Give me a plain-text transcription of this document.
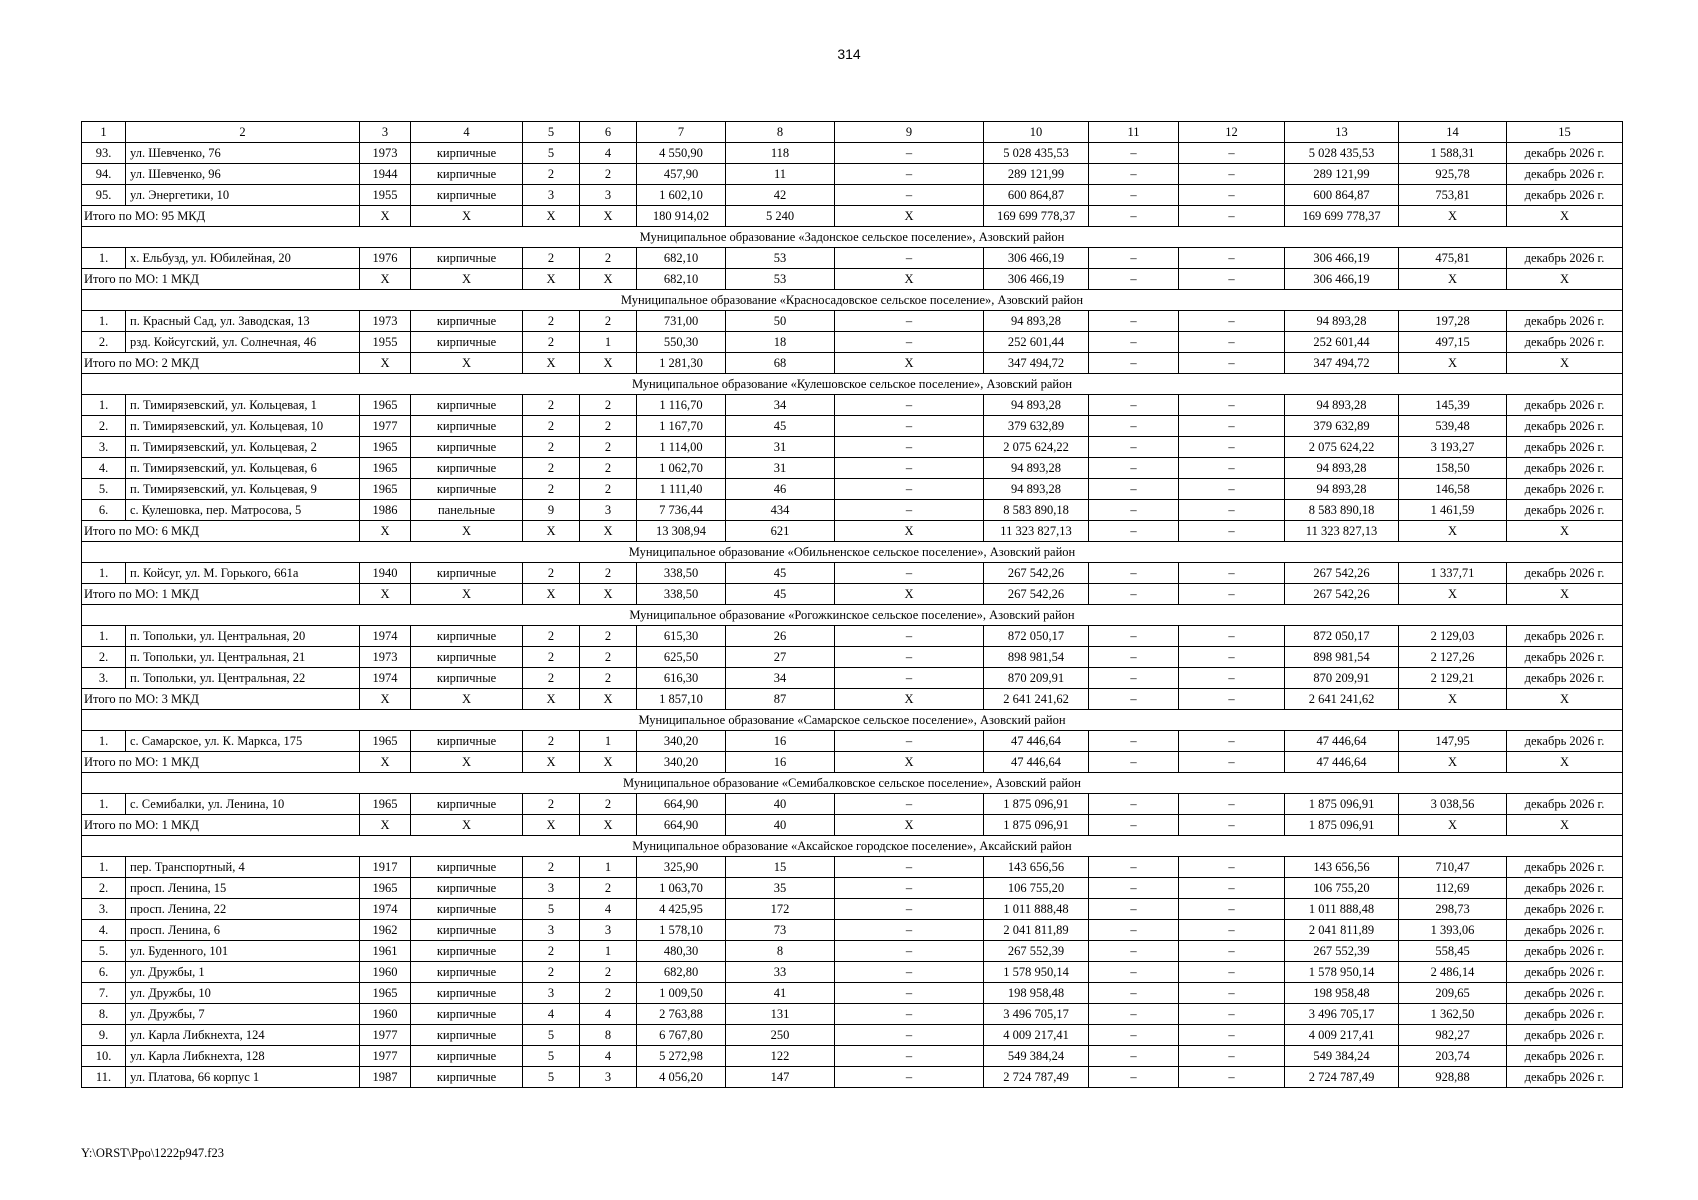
314
1	2	3	4	5	6	7	8	9	10	11	12	13	14	15
93.	ул. Шевченко, 76	1973	кирпичные	5	4	4 550,90	118	–	5 028 435,53	–	–	5 028 435,53	1 588,31	декабрь 2026 г.
94.	ул. Шевченко, 96	1944	кирпичные	2	2	457,90	11	–	289 121,99	–	–	289 121,99	925,78	декабрь 2026 г.
95.	ул. Энергетики, 10	1955	кирпичные	3	3	1 602,10	42	–	600 864,87	–	–	600 864,87	753,81	декабрь 2026 г.
Итого по МО: 95 МКД		X	X	X	X	180 914,02	5 240	X	169 699 778,37	–	–	169 699 778,37	X	X
Муниципальное образование «Задонское сельское поселение», Азовский район														
1.	х. Ельбузд, ул. Юбилейная, 20	1976	кирпичные	2	2	682,10	53	–	306 466,19	–	–	306 466,19	475,81	декабрь 2026 г.
Итого по МО: 1 МКД		X	X	X	X	682,10	53	X	306 466,19	–	–	306 466,19	X	X
Муниципальное образование «Красносадовское сельское поселение», Азовский район														
1.	п. Красный Сад, ул. Заводская, 13	1973	кирпичные	2	2	731,00	50	–	94 893,28	–	–	94 893,28	197,28	декабрь 2026 г.
2.	рзд. Койсугский, ул. Солнечная, 46	1955	кирпичные	2	1	550,30	18	–	252 601,44	–	–	252 601,44	497,15	декабрь 2026 г.
Итого по МО: 2 МКД		X	X	X	X	1 281,30	68	X	347 494,72	–	–	347 494,72	X	X
Муниципальное образование «Кулешовское сельское поселение», Азовский район														
1.	п. Тимирязевский, ул. Кольцевая, 1	1965	кирпичные	2	2	1 116,70	34	–	94 893,28	–	–	94 893,28	145,39	декабрь 2026 г.
2.	п. Тимирязевский, ул. Кольцевая, 10	1977	кирпичные	2	2	1 167,70	45	–	379 632,89	–	–	379 632,89	539,48	декабрь 2026 г.
3.	п. Тимирязевский, ул. Кольцевая, 2	1965	кирпичные	2	2	1 114,00	31	–	2 075 624,22	–	–	2 075 624,22	3 193,27	декабрь 2026 г.
4.	п. Тимирязевский, ул. Кольцевая, 6	1965	кирпичные	2	2	1 062,70	31	–	94 893,28	–	–	94 893,28	158,50	декабрь 2026 г.
5.	п. Тимирязевский, ул. Кольцевая, 9	1965	кирпичные	2	2	1 111,40	46	–	94 893,28	–	–	94 893,28	146,58	декабрь 2026 г.
6.	с. Кулешовка, пер. Матросова, 5	1986	панельные	9	3	7 736,44	434	–	8 583 890,18	–	–	8 583 890,18	1 461,59	декабрь 2026 г.
Итого по МО: 6 МКД		X	X	X	X	13 308,94	621	X	11 323 827,13	–	–	11 323 827,13	X	X
Муниципальное образование «Обильненское сельское поселение», Азовский район														
1.	п. Койсуг, ул. М. Горького, 661а	1940	кирпичные	2	2	338,50	45	–	267 542,26	–	–	267 542,26	1 337,71	декабрь 2026 г.
Итого по МО: 1 МКД		X	X	X	X	338,50	45	X	267 542,26	–	–	267 542,26	X	X
Муниципальное образование «Рогожкинское сельское поселение», Азовский район														
1.	п. Топольки, ул. Центральная, 20	1974	кирпичные	2	2	615,30	26	–	872 050,17	–	–	872 050,17	2 129,03	декабрь 2026 г.
2.	п. Топольки, ул. Центральная, 21	1973	кирпичные	2	2	625,50	27	–	898 981,54	–	–	898 981,54	2 127,26	декабрь 2026 г.
3.	п. Топольки, ул. Центральная, 22	1974	кирпичные	2	2	616,30	34	–	870 209,91	–	–	870 209,91	2 129,21	декабрь 2026 г.
Итого по МО: 3 МКД		X	X	X	X	1 857,10	87	X	2 641 241,62	–	–	2 641 241,62	X	X
Муниципальное образование «Самарское сельское поселение», Азовский район														
1.	с. Самарское, ул. К. Маркса, 175	1965	кирпичные	2	1	340,20	16	–	47 446,64	–	–	47 446,64	147,95	декабрь 2026 г.
Итого по МО: 1 МКД		X	X	X	X	340,20	16	X	47 446,64	–	–	47 446,64	X	X
Муниципальное образование «Семибалковское сельское поселение», Азовский район														
1.	с. Семибалки, ул. Ленина, 10	1965	кирпичные	2	2	664,90	40	–	1 875 096,91	–	–	1 875 096,91	3 038,56	декабрь 2026 г.
Итого по МО: 1 МКД		X	X	X	X	664,90	40	X	1 875 096,91	–	–	1 875 096,91	X	X
Муниципальное образование «Аксайское городское поселение», Аксайский район														
1.	пер. Транспортный, 4	1917	кирпичные	2	1	325,90	15	–	143 656,56	–	–	143 656,56	710,47	декабрь 2026 г.
2.	просп. Ленина, 15	1965	кирпичные	3	2	1 063,70	35	–	106 755,20	–	–	106 755,20	112,69	декабрь 2026 г.
3.	просп. Ленина, 22	1974	кирпичные	5	4	4 425,95	172	–	1 011 888,48	–	–	1 011 888,48	298,73	декабрь 2026 г.
4.	просп. Ленина, 6	1962	кирпичные	3	3	1 578,10	73	–	2 041 811,89	–	–	2 041 811,89	1 393,06	декабрь 2026 г.
5.	ул. Буденного, 101	1961	кирпичные	2	1	480,30	8	–	267 552,39	–	–	267 552,39	558,45	декабрь 2026 г.
6.	ул. Дружбы, 1	1960	кирпичные	2	2	682,80	33	–	1 578 950,14	–	–	1 578 950,14	2 486,14	декабрь 2026 г.
7.	ул. Дружбы, 10	1965	кирпичные	3	2	1 009,50	41	–	198 958,48	–	–	198 958,48	209,65	декабрь 2026 г.
8.	ул. Дружбы, 7	1960	кирпичные	4	4	2 763,88	131	–	3 496 705,17	–	–	3 496 705,17	1 362,50	декабрь 2026 г.
9.	ул. Карла Либкнехта, 124	1977	кирпичные	5	8	6 767,80	250	–	4 009 217,41	–	–	4 009 217,41	982,27	декабрь 2026 г.
10.	ул. Карла Либкнехта, 128	1977	кирпичные	5	4	5 272,98	122	–	549 384,24	–	–	549 384,24	203,74	декабрь 2026 г.
11.	ул. Платова, 66 корпус 1	1987	кирпичные	5	3	4 056,20	147	–	2 724 787,49	–	–	2 724 787,49	928,88	декабрь 2026 г.
Y:\ORST\Ppo\1222p947.f23
